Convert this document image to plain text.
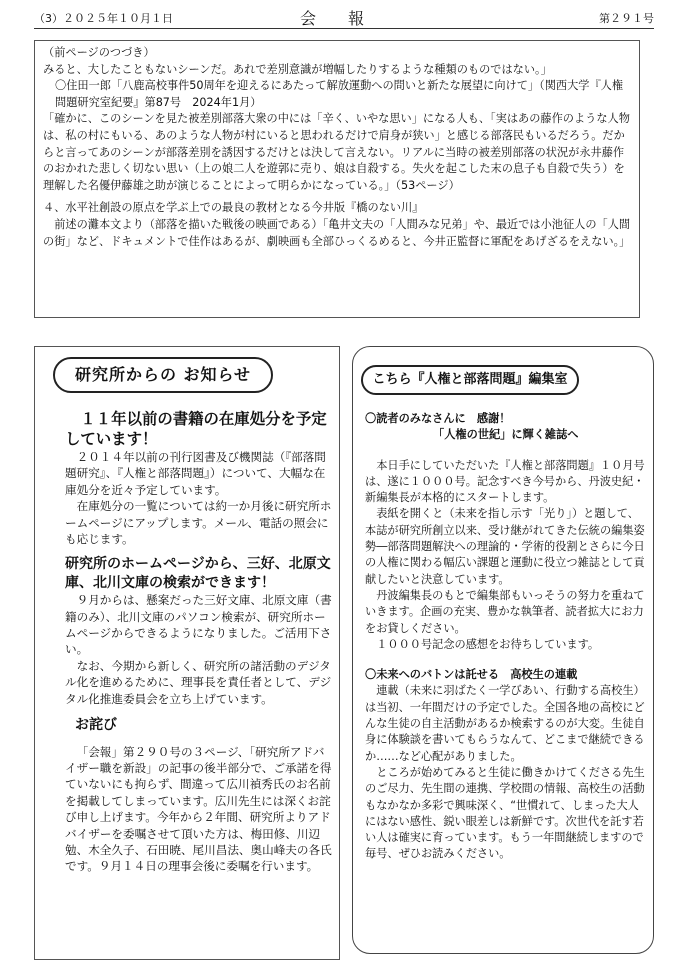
（3）２０２５年１０月１日	会報	第２９１号

（前ページのつづき）

みると、大したこともないシーンだ。あれで差別意識が増幅したりするような種類のものではない。」

〇住田一郎「八鹿高校事件50周年を迎えるにあたって解放運動への問いと新たな展望に向けて」（関西大学『人権問題研究室紀要』第87号　2024年1月）

「確かに、このシーンを見た被差別部落大衆の中には「辛く、いやな思い」になる人も、「実はあの藤作のような人物は、私の村にもいる、あのような人物が村にいると思われるだけで肩身が狭い」と感じる部落民もいるだろう。だからと言ってあのシーンが部落差別を誘因するだけとは決して言えない。リアルに当時の被差別部落の状況が永井藤作のおかれた悲しく切ない思い（上の娘二人を遊郭に売り、娘は自殺する。失火を起こした末の息子も自殺で失う）を理解した名優伊藤雄之助が演じることによって明らかになっている。」（53ページ）

４、水平社創設の原点を学ぶ上での最良の教材となる今井版『橋のない川』

前述の灘本文より（部落を描いた戦後の映画である）「亀井文夫の「人間みな兄弟」や、最近では小池征人の「人間の街」など、ドキュメントで佳作はあるが、劇映画も全部ひっくるめると、今井正監督に軍配をあげざるをえない。」

研究所からの お知らせ

１１年以前の書籍の在庫処分を予定しています！

２０１４年以前の刊行図書及び機関誌（『部落問題研究』、『人権と部落問題』）について、大幅な在庫処分を近々予定しています。

在庫処分の一覧については約一か月後に研究所ホームページにアップします。メール、電話の照会にも応じます。

研究所のホームページから、三好、北原文庫、北川文庫の検索ができます！

９月からは、懸案だった三好文庫、北原文庫（書籍のみ）、北川文庫のパソコン検索が、研究所ホームページからできるようになりました。ご活用下さい。

なお、今期から新しく、研究所の諸活動のデジタル化を進めるために、理事長を責任者として、デジタル化推進委員会を立ち上げています。

お詫び

「会報」第２９０号の３ページ、「研究所アドバイザー職を新設」の記事の後半部分で、ご承諾を得ていないにも拘らず、間違って広川禎秀氏のお名前を掲載してしまっています。広川先生には深くお詫び申し上げます。今年から２年間、研究所よりアドバイザーを委嘱させて頂いた方は、梅田修、川辺勉、木全久子、石田暁、尾川昌法、奥山峰夫の各氏です。９月１４日の理事会後に委嘱を行います。

こちら『人権と部落問題』編集室

〇読者のみなさんに　感謝！

「人権の世紀」に輝く雑誌へ

本日手にしていただいた『人権と部落問題』１０月号は、遂に１０００号。記念すべき今号から、丹波史紀・新編集長が本格的にスタートします。

表紙を開くと（未来を指し示す「光り」）と題して、本誌が研究所創立以来、受け継がれてきた伝統の編集姿勢―部落問題解決への理論的・学術的役割とさらに今日の人権に関わる幅広い課題と運動に役立つ雑誌として貢献したいと決意しています。

丹波編集長のもとで編集部もいっそうの努力を重ねていきます。企画の充実、豊かな執筆者、読者拡大にお力をお貸しください。

１０００号記念の感想をお待ちしています。

〇未来へのバトンは託せる　高校生の連載

連載（未来に羽ばたく一学びあい、行動する高校生）は当初、一年間だけの予定でした。全国各地の高校にどんな生徒の自主活動があるか検索するのが大変。生徒自身に体験談を書いてもらうなんて、どこまで継続できるか……など心配がありました。

ところが始めてみると生徒に働きかけてくださる先生のご尽力、先生間の連携、学校間の情報、高校生の活動もなかなか多彩で興味深く、“世慣れて、しまった大人にはない感性、鋭い眼差しは新鮮です。次世代を託す若い人は確実に育っています。もう一年間継続しますので毎号、ぜひお読みください。
